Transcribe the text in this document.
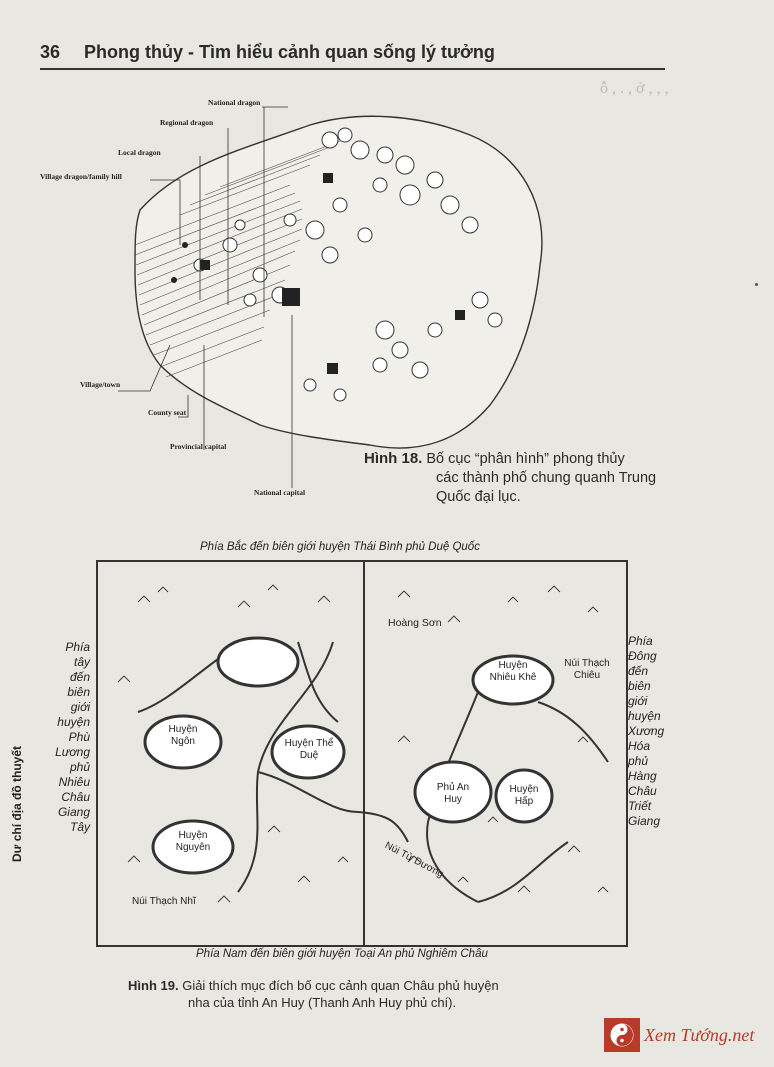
36 Phong thủy - Tìm hiểu cảnh quan sống lý tưởng
ỗ , . , ở , , ,
National dragon
Regional dragon
Local dragon
Village dragon/family hill
Village/town
County seat
Provincial capital
National capital
Hình 18. Bố cục “phân hình” phong thủy
các thành phố chung quanh Trung
Quốc đại lục.
Phía Bắc đến biên giới huyện Thái Bình phủ Duệ Quốc
Dư chí địa đồ thuyết
Phía
tây
đến
biên
giới
huyện
Phù
Lương
phủ
Nhiêu
Châu
Giang
Tây
Phía
Đông
đến
biên
giới
huyện
Xương
Hóa
phủ
Hàng
Châu
Triết
Giang
Hoàng Sơn
Núi Thạch Chiêu
Huyện Nhiêu Khê
Huyện Ngôn	Huyện Thể Duệ
Phủ An Huy
Huyện Hấp
Huyện Nguyên
Núi Thạch Nhĩ
Núi Tử Dương
Phía Nam đến biên giới huyện Toại An phủ Nghiêm Châu
Hình 19. Giải thích mục đích bố cục cảnh quan Châu phủ huyện
nha của tỉnh An Huy (Thanh Anh Huy phủ chí).
Xem Tướng.net
